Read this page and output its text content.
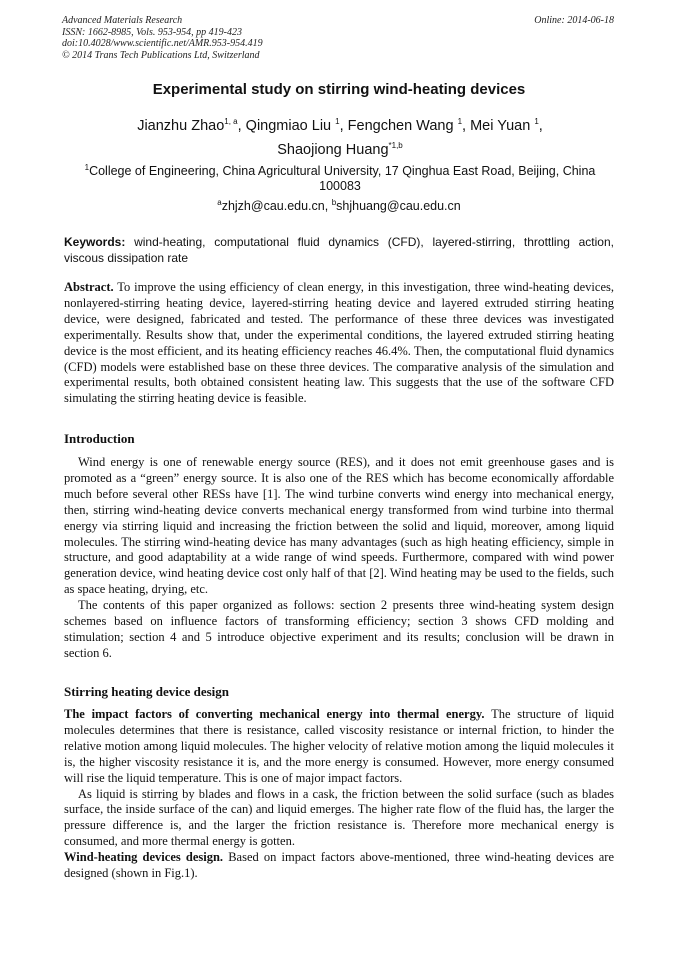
Advanced Materials Research
ISSN: 1662-8985, Vols. 953-954, pp 419-423
doi:10.4028/www.scientific.net/AMR.953-954.419
© 2014 Trans Tech Publications Ltd, Switzerland
Online: 2014-06-18
Experimental study on stirring wind-heating devices
Jianzhu Zhao$^{1, a}$, Qingmiao Liu $^1$, Fengchen Wang $^1$, Mei Yuan $^1$,
Shaojiong Huang$^{*1,b}$
$^1$College of Engineering, China Agricultural University, 17 Qinghua East Road, Beijing, China 100083
$^a$zhjzh@cau.edu.cn, $^b$shjhuang@cau.edu.cn
Keywords: wind-heating, computational fluid dynamics (CFD), layered-stirring, throttling action, viscous dissipation rate

Abstract. To improve the using efficiency of clean energy, in this investigation, three wind-heating devices, nonlayered-stirring heating device, layered-stirring heating device and layered extruded stirring heating device, were designed, fabricated and tested. The performance of these three devices was investigated experimentally. Results show that, under the experimental conditions, the layered extruded stirring heating device is the most efficient, and its heating efficiency reaches 46.4%. Then, the computational fluid dynamics (CFD) models were established base on these three devices. The comparative analysis of the simulation and experimental results, both obtained consistent heating law. This suggests that the use of the software CFD simulating the stirring heating device is feasible.

Introduction

Wind energy is one of renewable energy source (RES), and it does not emit greenhouse gases and is promoted as a “green” energy source. It is also one of the RES which has become economically affordable much before several other RESs have [1]. The wind turbine converts wind energy into mechanical energy, then, stirring wind-heating device converts mechanical energy transformed from wind turbine into thermal energy via stirring liquid and increasing the friction between the solid and liquid, moreover, among liquid molecules. The stirring wind-heating device has many advantages (such as high heating efficiency, simple in structure, and good adaptability at a wide range of wind speeds. Furthermore, compared with wind power generation device, wind heating device cost only half of that [2]. Wind heating may be used to the fields, such as space heating, drying, etc.

The contents of this paper organized as follows: section 2 presents three wind-heating system design schemes based on influence factors of transforming efficiency; section 3 shows CFD molding and stimulation; section 4 and 5 introduce objective experiment and its results; conclusion will be drawn in section 6.

Stirring heating device design

The impact factors of converting mechanical energy into thermal energy. The structure of liquid molecules determines that there is resistance, called viscosity resistance or internal friction, to hinder the relative motion among liquid molecules. The higher velocity of relative motion among the liquid molecules it is, the higher viscosity resistance it is, and the more energy is consumed. However, more energy consumed will rise the liquid temperature. This is one of major impact factors.

As liquid is stirring by blades and flows in a cask, the friction between the solid surface (such as blades surface, the inside surface of the can) and liquid emerges. The higher rate flow of the fluid has, the larger the pressure difference is, and the larger the friction resistance is. Therefore more mechanical energy is consumed, and more thermal energy is gotten.

Wind-heating devices design. Based on impact factors above-mentioned, three wind-heating devices are designed (shown in Fig.1).
